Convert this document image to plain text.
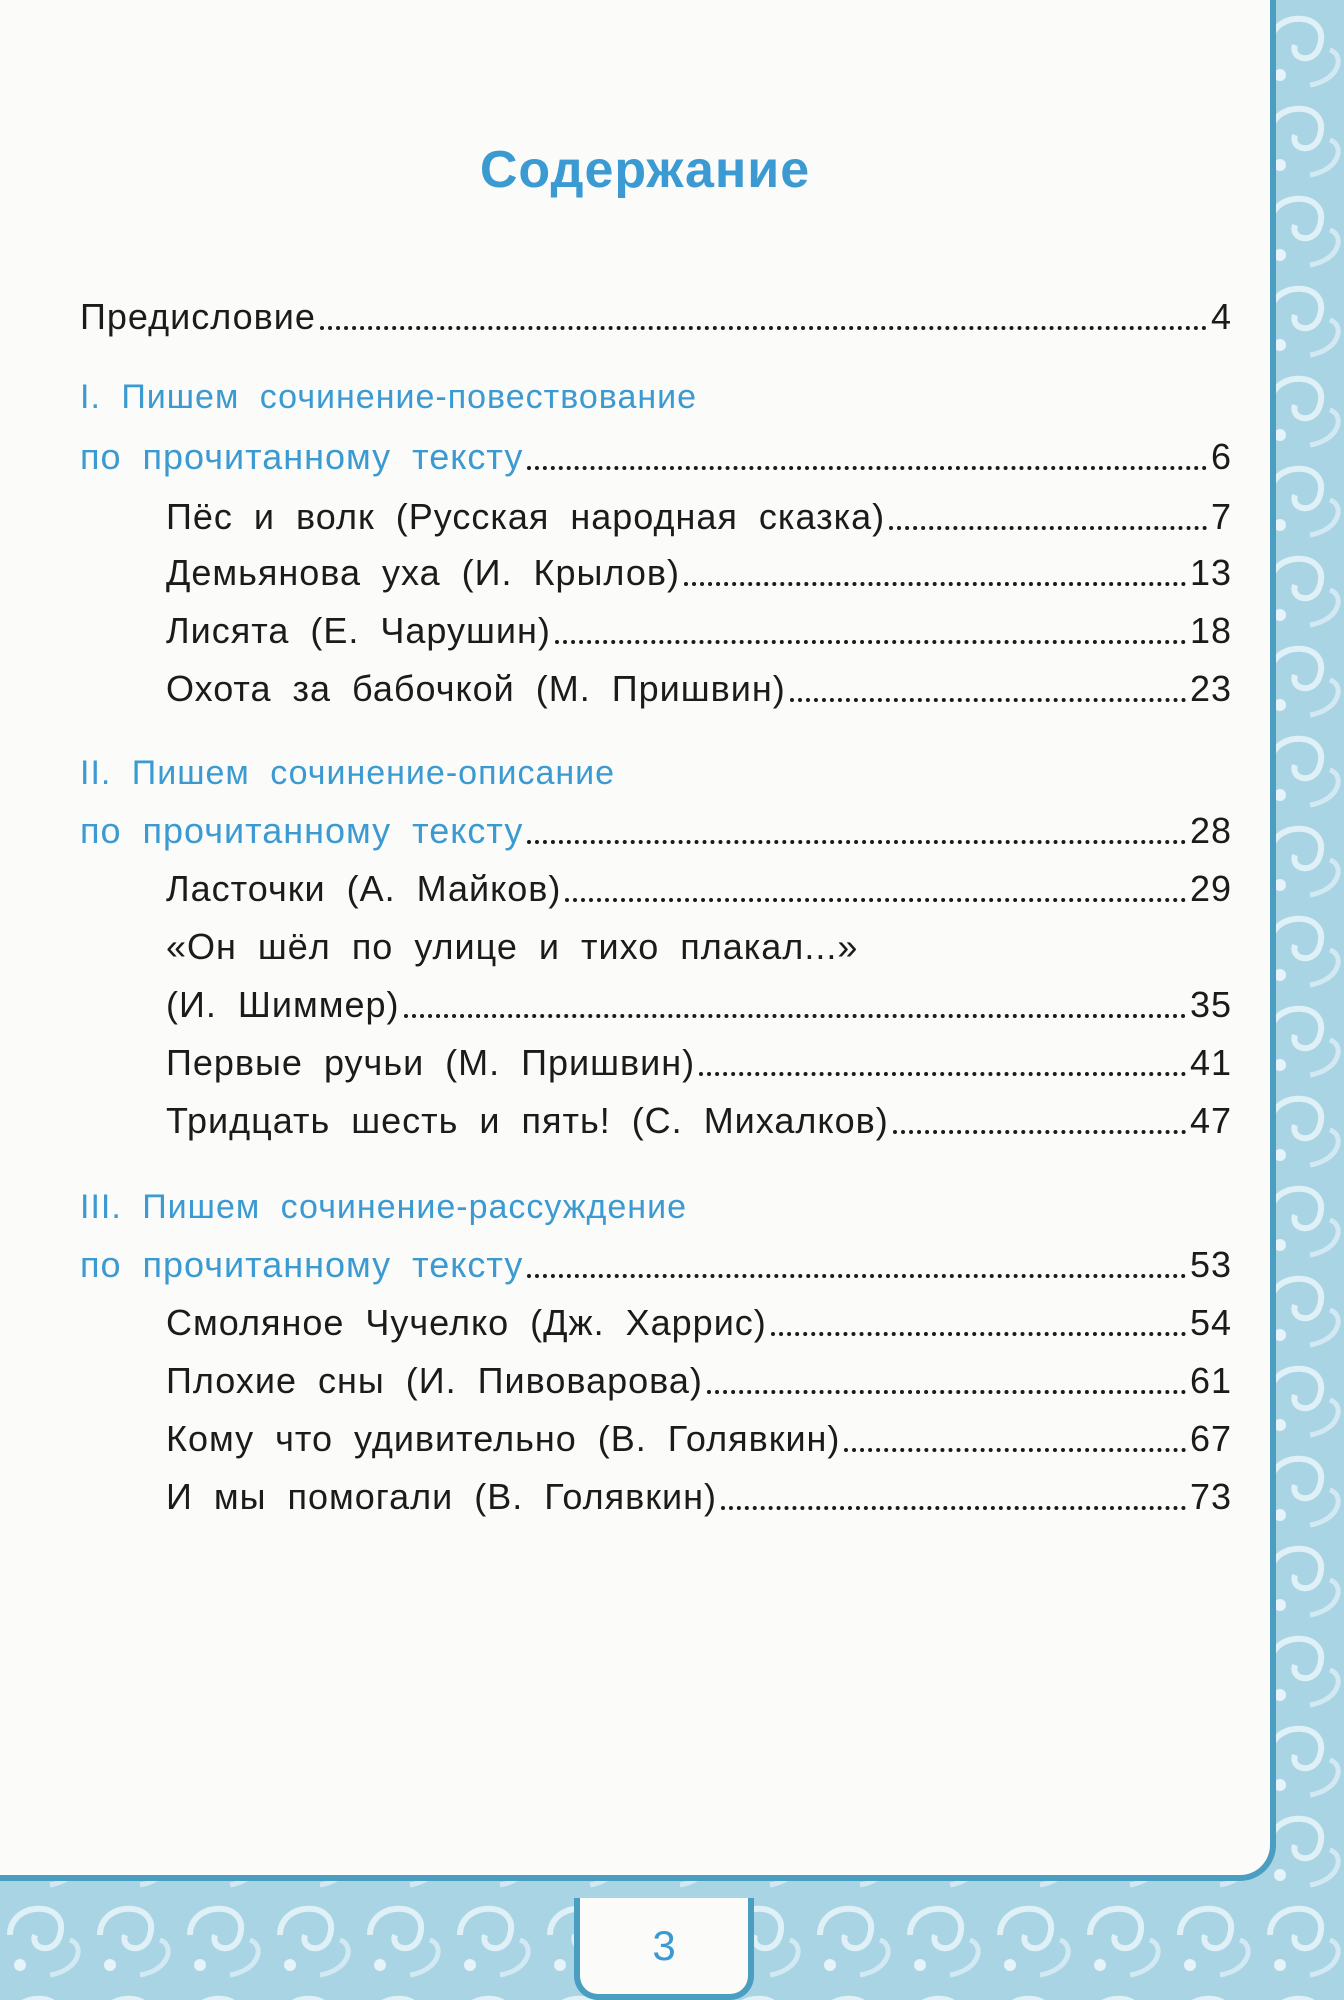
Содержание
Предисловие	4
I. Пишем сочинение-повествование
по прочитанному тексту	6
Пёс и волк (Русская народная сказка)	7
Демьянова уха (И. Крылов)	13
Лисята (Е. Чарушин)	18
Охота за бабочкой (М. Пришвин)	23
II. Пишем сочинение-описание
по прочитанному тексту	28
Ласточки (А. Майков)	29
«Он шёл по улице и тихо плакал...»
(И. Шиммер)	35
Первые ручьи (М. Пришвин)	41
Тридцать шесть и пять! (С. Михалков)	47
III. Пишем сочинение-рассуждение
по прочитанному тексту	53
Смоляное Чучелко (Дж. Харрис)	54
Плохие сны (И. Пивоварова)	61
Кому что удивительно (В. Голявкин)	67
И мы помогали (В. Голявкин)	73
3
